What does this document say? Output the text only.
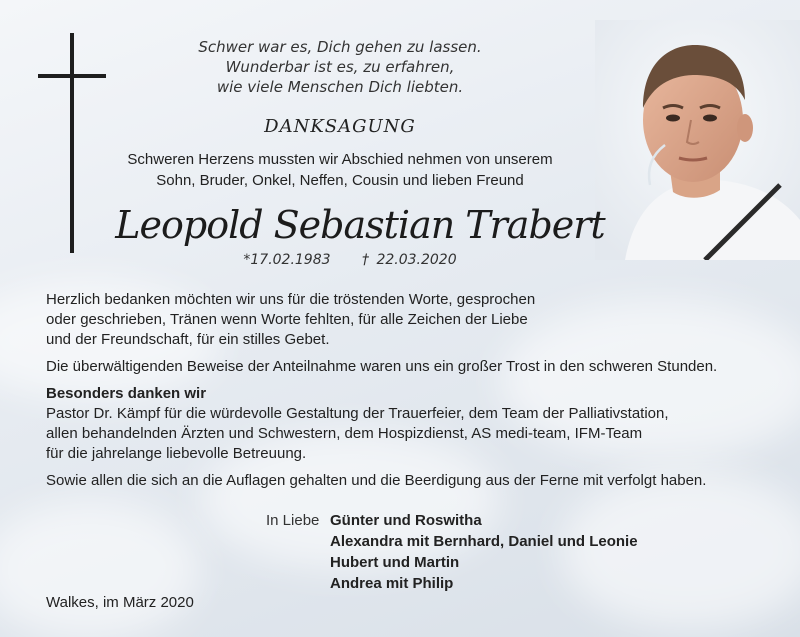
Schwer war es, Dich gehen zu lassen.
Wunderbar ist es, zu erfahren,
wie viele Menschen Dich liebten.
DANKSAGUNG
Schweren Herzens mussten wir Abschied nehmen von unserem
Sohn, Bruder, Onkel, Neffen, Cousin und lieben Freund
Leopold Sebastian Trabert
*17.02.1983 † 22.03.2020
Herzlich bedanken möchten wir uns für die tröstenden Worte, gesprochen
oder geschrieben, Tränen wenn Worte fehlten, für alle Zeichen der Liebe
und der Freundschaft, für ein stilles Gebet.
Die überwältigenden Beweise der Anteilnahme waren uns ein großer Trost in den schweren Stunden.
Besonders danken wir
Pastor Dr. Kämpf für die würdevolle Gestaltung der Trauerfeier, dem Team der Palliativstation,
allen behandelnden Ärzten und Schwestern, dem Hospizdienst, AS medi-team, IFM-Team
für die jahrelange liebevolle Betreuung.
Sowie allen die sich an die Auflagen gehalten und die Beerdigung aus der Ferne mit verfolgt haben.
In Liebe Günter und Roswitha
Alexandra mit Bernhard, Daniel und Leonie
Hubert und Martin
Andrea mit Philip
Walkes, im März 2020
